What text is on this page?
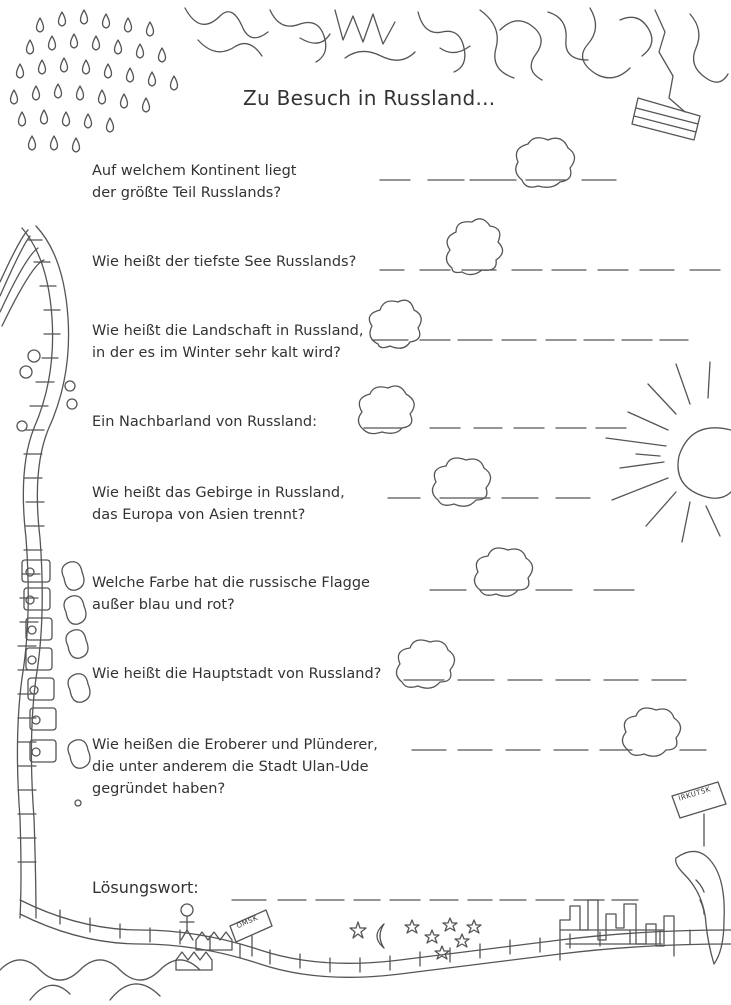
Zu Besuch in Russland...
Auf welchem Kontinent liegt
der größte Teil Russlands?
Wie heißt der tiefste See Russlands?
Wie heißt die Landschaft in Russland,
in der es im Winter sehr kalt wird?
Ein Nachbarland von Russland:
Wie heißt das Gebirge in Russland,
das Europa von Asien trennt?
Welche Farbe hat die russische Flagge
außer blau und rot?
Wie heißt die Hauptstadt von Russland?
Wie heißen die Eroberer und Plünderer,
die unter anderem die Stadt Ulan-Ude
gegründet haben?
Lösungswort:
IRKUTSK
OMSK
